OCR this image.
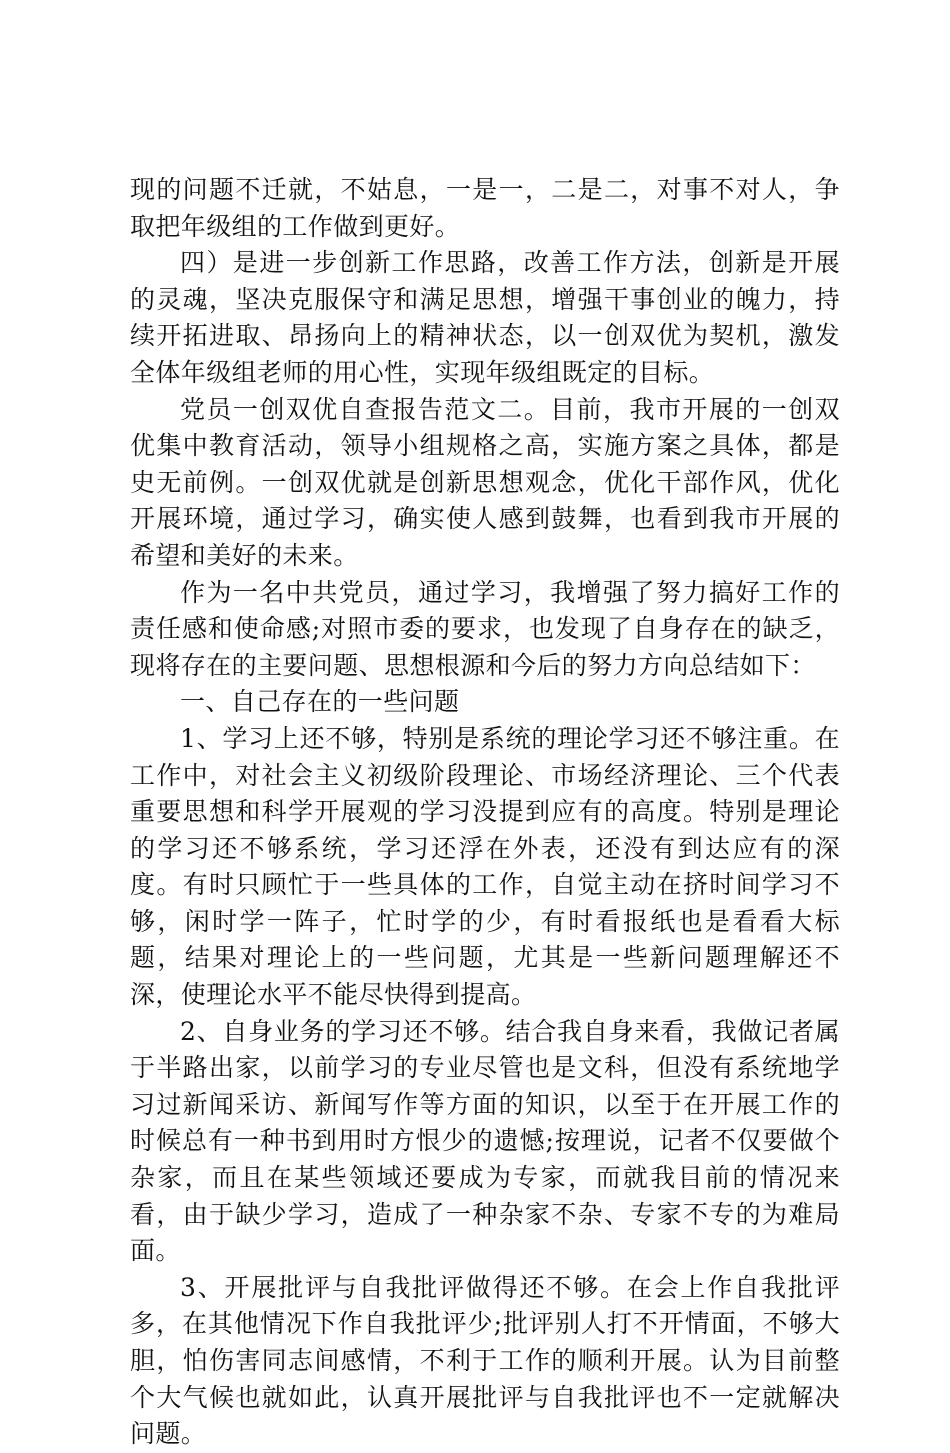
现的问题不迁就，不姑息，一是一，二是二，对事不对人，争取把年级组的工作做到更好。

四）是进一步创新工作思路，改善工作方法，创新是开展的灵魂，坚决克服保守和满足思想，增强干事创业的魄力，持续开拓进取、昂扬向上的精神状态，以一创双优为契机，激发全体年级组老师的用心性，实现年级组既定的目标。

党员一创双优自查报告范文二。目前，我市开展的一创双优集中教育活动，领导小组规格之高，实施方案之具体，都是史无前例。一创双优就是创新思想观念，优化干部作风，优化开展环境，通过学习，确实使人感到鼓舞，也看到我市开展的希望和美好的未来。

作为一名中共党员，通过学习，我增强了努力搞好工作的责任感和使命感;对照市委的要求，也发现了自身存在的缺乏，现将存在的主要问题、思想根源和今后的努力方向总结如下：

一、自己存在的一些问题

1、学习上还不够，特别是系统的理论学习还不够注重。在工作中，对社会主义初级阶段理论、市场经济理论、三个代表重要思想和科学开展观的学习没提到应有的高度。特别是理论的学习还不够系统，学习还浮在外表，还没有到达应有的深度。有时只顾忙于一些具体的工作，自觉主动在挤时间学习不够，闲时学一阵子，忙时学的少，有时看报纸也是看看大标题，结果对理论上的一些问题，尤其是一些新问题理解还不深，使理论水平不能尽快得到提高。

2、自身业务的学习还不够。结合我自身来看，我做记者属于半路出家，以前学习的专业尽管也是文科，但没有系统地学习过新闻采访、新闻写作等方面的知识，以至于在开展工作的时候总有一种书到用时方恨少的遗憾;按理说，记者不仅要做个杂家，而且在某些领域还要成为专家，而就我目前的情况来看，由于缺少学习，造成了一种杂家不杂、专家不专的为难局面。

3、开展批评与自我批评做得还不够。在会上作自我批评多，在其他情况下作自我批评少;批评别人打不开情面，不够大胆，怕伤害同志间感情，不利于工作的顺利开展。认为目前整个大气候也就如此，认真开展批评与自我批评也不一定就解决问题。
